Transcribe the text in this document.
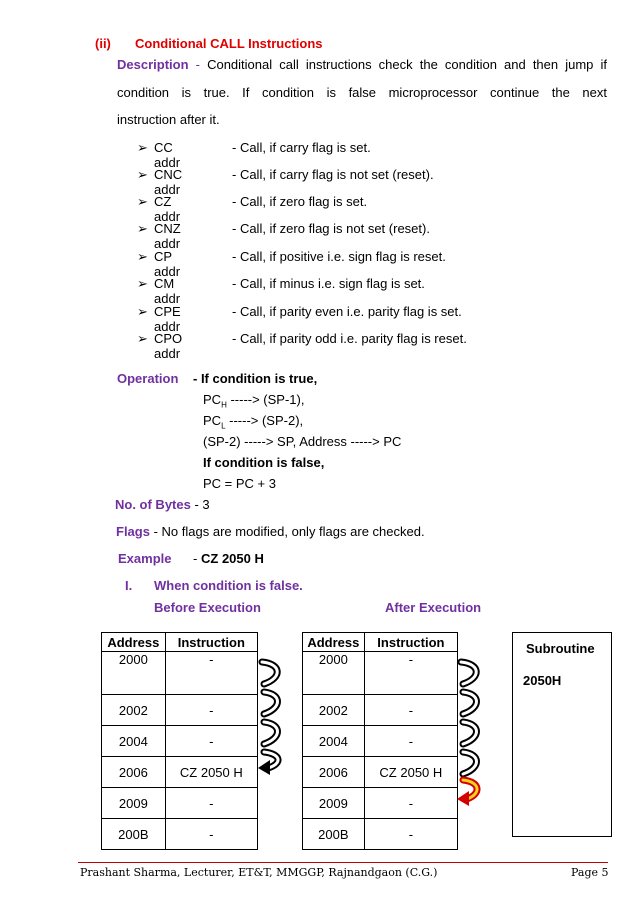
(ii) Conditional CALL Instructions
Description - Conditional call instructions check the condition and then jump if
condition is true. If condition is false microprocessor continue the next
instruction after it.
➢ CC addr
- Call, if carry flag is set.
➢ CNC addr
- Call, if carry flag is not set (reset).
➢ CZ addr
- Call, if zero flag is set.
➢ CNZ addr
- Call, if zero flag is not set (reset).
➢ CP addr
- Call, if positive i.e. sign flag is reset.
➢ CM addr
- Call, if minus i.e. sign flag is set.
➢ CPE addr
- Call, if parity even i.e. parity flag is set.
➢ CPO addr
- Call, if parity odd i.e. parity flag is reset.
Operation - If condition is true,
$PC_H$ -----> (SP-1),
$PC_L$ -----> (SP-2),
(SP-2) -----> SP, Address -----> PC
If condition is false,
PC = PC + 3
No. of Bytes - 3
Flags - No flags are modified, only flags are checked.
Example - CZ 2050 H
I. When condition is false.
Before Execution	After Execution
Address	Instruction
2000	-
2002	-
2004	-
2006	CZ 2050 H
2009	-
200B	-
Address	Instruction
2000	-
2002	-
2004	-
2006	CZ 2050 H
2009	-
200B	-
Subroutine
2050H
Prashant Sharma, Lecturer, ET&T, MMGGP, Rajnandgaon (C.G.)	Page 5
